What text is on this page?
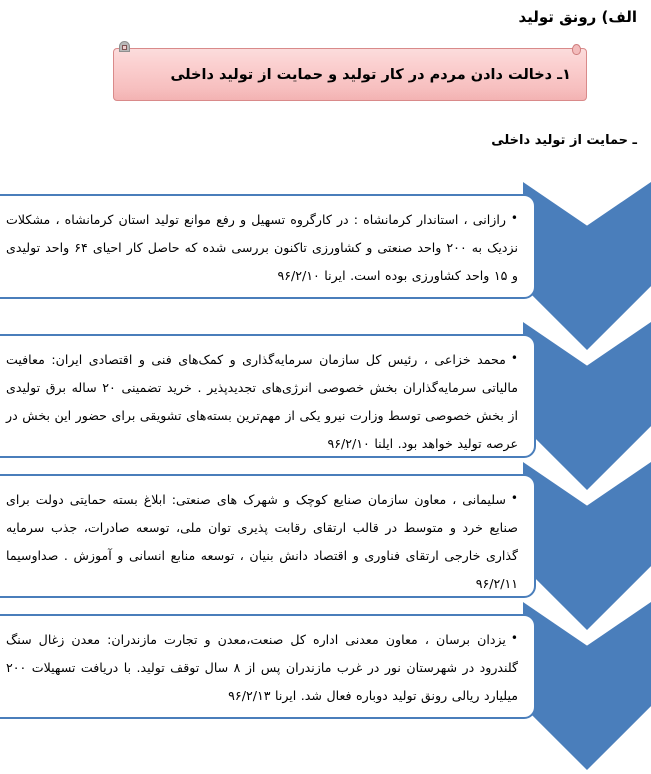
الف) رونق تولید
۱ـ دخالت دادن مردم در کار تولید و حمایت از تولید داخلی
ـ حمایت از تولید داخلی

•رازانی ، استاندار کرمانشاه : در کارگروه تسهیل و رفع موانع تولید استان کرمانشاه ، مشکلات نزدیک به ۲۰۰ واحد صنعتی و کشاورزی تاکنون بررسی شده که حاصل کار احیای ۶۴ واحد تولیدی و ۱۵ واحد کشاورزی بوده است. ایرنا ۹۶/۲/۱۰

•محمد خزاعی ، رئیس کل سازمان سرمایه‌گذاری و کمک‌های فنی و اقتصادی ایران: معافیت مالیاتی سرمایه‌گذاران بخش خصوصی انرژی‌های تجدیدپذیر . خرید تضمینی ۲۰ ساله برق تولیدی از بخش خصوصی توسط وزارت نیرو یکی از مهم‌ترین بسته‌های تشویقی برای حضور این بخش در عرصه تولید خواهد بود. ایلنا ۹۶/۲/۱۰

•سلیمانی ، معاون سازمان صنایع کوچک و شهرک های صنعتی: ابلاغ بسته حمایتی دولت برای صنایع خرد و متوسط در قالب ارتقای رقابت پذیری توان ملی، توسعه صادرات، جذب سرمایه گذاری خارجی ارتقای فناوری و اقتصاد دانش بنیان ، توسعه منابع انسانی و آموزش . صداوسیما ۹۶/۲/۱۱

•یزدان برسان ، معاون معدنی اداره کل صنعت،معدن و تجارت مازندران: معدن زغال سنگ گلندرود در شهرستان نور در غرب مازندران پس از ۸ سال توقف تولید. با دریافت تسهیلات ۲۰۰ میلیارد ریالی رونق تولید دوباره فعال شد. ایرنا ۹۶/۲/۱۳
